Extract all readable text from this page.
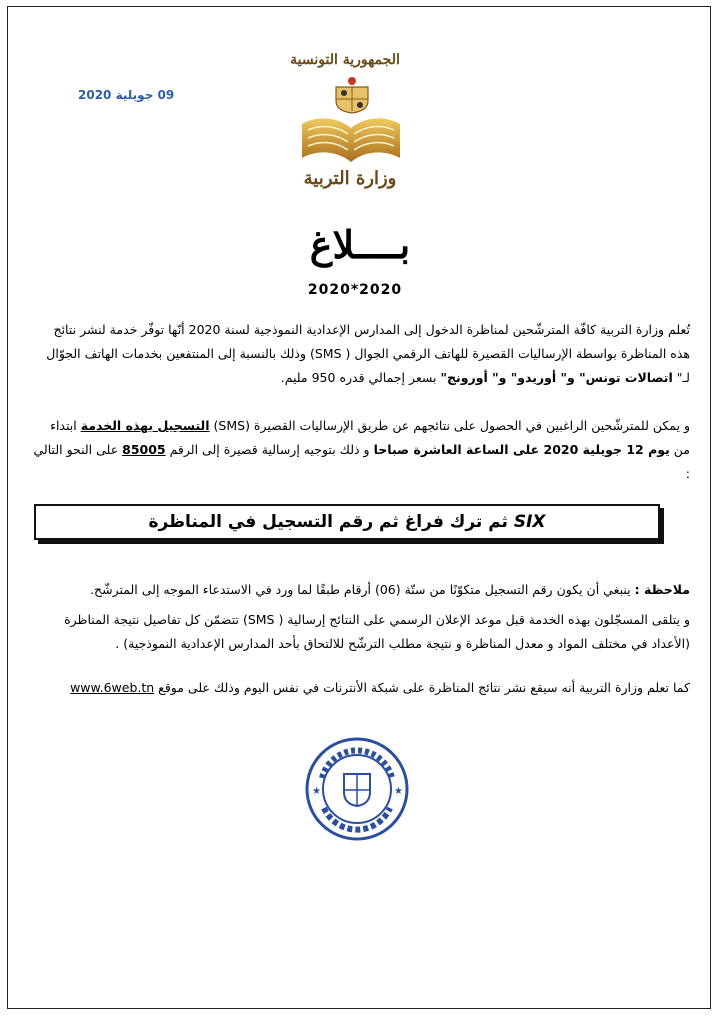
الجمهورية التونسية
وزارة التربية
09 جويلية 2020
بــــلاغ
2020*2020
تُعلم وزارة التربية كافّة المترشّحين لمناظرة الدخول إلى المدارس الإعدادية النموذجية لسنة 2020 أنّها توفّر خدمة لنشر نتائج هذه المناظرة بواسطة الإرساليات القصيرة للهاتف الرقمي الجوال ( SMS) وذلك بالنسبة إلى المنتفعين بخدمات الهاتف الجوّال لـ" اتصالات تونس" و" أوريدو" و" أورونج" بسعر إجمالي قدره 950 مليم.
و يمكن للمترشّحين الراغبين في الحصول على نتائجهم عن طريق الإرساليات القصيرة (SMS) التسجيل بهذه الخدمة ابتداء من يوم 12 جويلية 2020 على الساعة العاشرة صباحا و ذلك بتوجيه إرسالية قصيرة إلى الرقم 85005 على النحو التالي :
SIX ثم ترك فراغ ثم رقم التسجيل في المناظرة
ملاحظة : ينبغي أن يكون رقم التسجيل متكوّنًا من ستّة (06) أرقام طبقًا لما ورد في الاستدعاء الموجه إلى المترشّح.
و يتلقى المسجّلون بهذه الخدمة قبل موعد الإعلان الرسمي على النتائج إرسالية ( SMS) تتضمّن كل تفاصيل نتيجة المناظرة (الأعداد في مختلف المواد و معدل المناظرة و نتيجة مطلب الترشّح للالتحاق بأحد المدارس الإعدادية النموذجية) .
كما تعلم وزارة التربية أنه سيقع نشر نتائج المناظرة على شبكة الأنترنات في نفس اليوم وذلك على موقع www.6web.tn
★	★
